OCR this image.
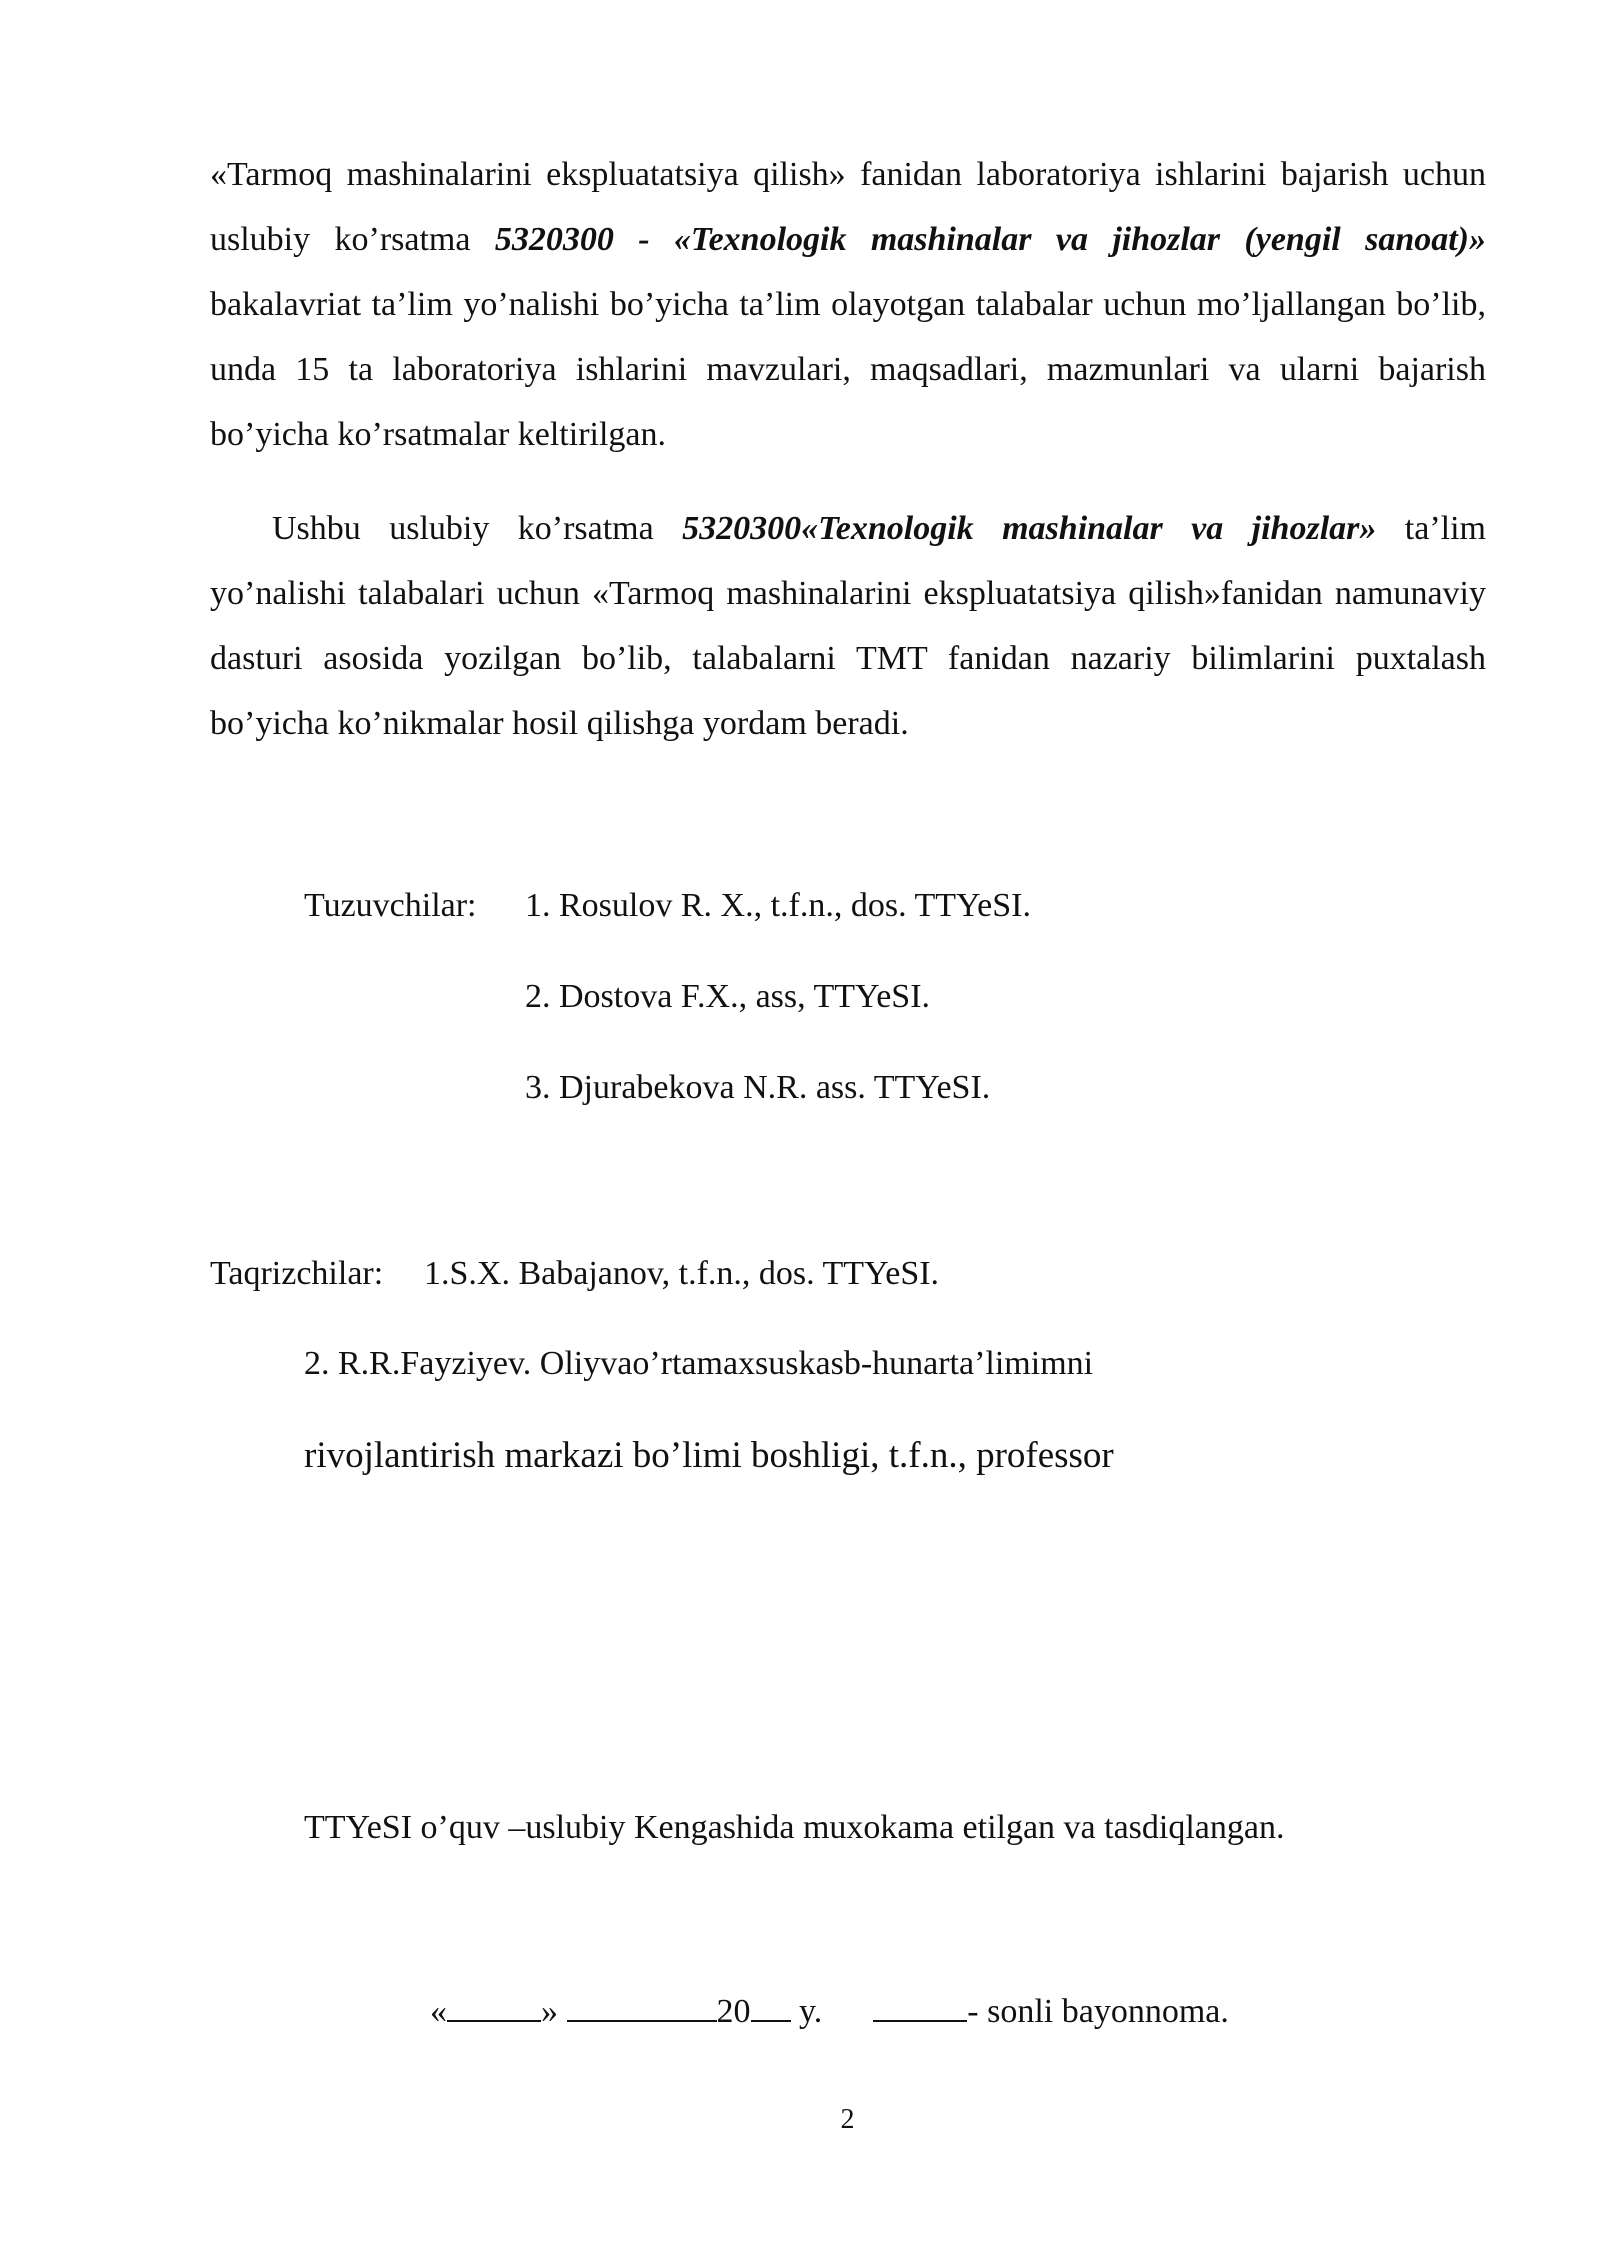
«Tarmoq mashinalarini ekspluatatsiya qilish» fanidan laboratoriya ishlarini bajarish uchun uslubiy ko’rsatma 5320300 - «Texnologik mashinalar va jihozlar (yengil sanoat)» bakalavriat ta’lim yo’nalishi bo’yicha ta’lim olayotgan talabalar uchun mo’ljallangan bo’lib, unda 15 ta laboratoriya ishlarini mavzulari, maqsadlari, mazmunlari va ularni bajarish bo’yicha ko’rsatmalar keltirilgan.

Ushbu uslubiy ko’rsatma 5320300«Texnologik mashinalar va jihozlar» ta’lim yo’nalishi talabalari uchun «Tarmoq mashinalarini ekspluatatsiya qilish»fanidan namunaviy dasturi asosida yozilgan bo’lib, talabalarni TMT fanidan nazariy bilimlarini puxtalash bo’yicha ko’nikmalar hosil qilishga yordam beradi.

Tuzuvchilar: 1. Rosulov R. X., t.f.n., dos. TTYeSI.

2. Dostova F.X., ass, TTYeSI.

3. Djurabekova N.R. ass. TTYeSI.

Taqrizchilar: 1.S.X. Babajanov, t.f.n., dos. TTYeSI.

2. R.R.Fayziyev. Oliyvao’rtamaxsuskasb-hunarta’limimni

rivojlantirish markazi bo’limi boshligi, t.f.n., professor

TTYeSI o’quv –uslubiy Kengashida muxokama etilgan va tasdiqlangan.

«	»	20 y.	- sonli bayonnoma.

2
